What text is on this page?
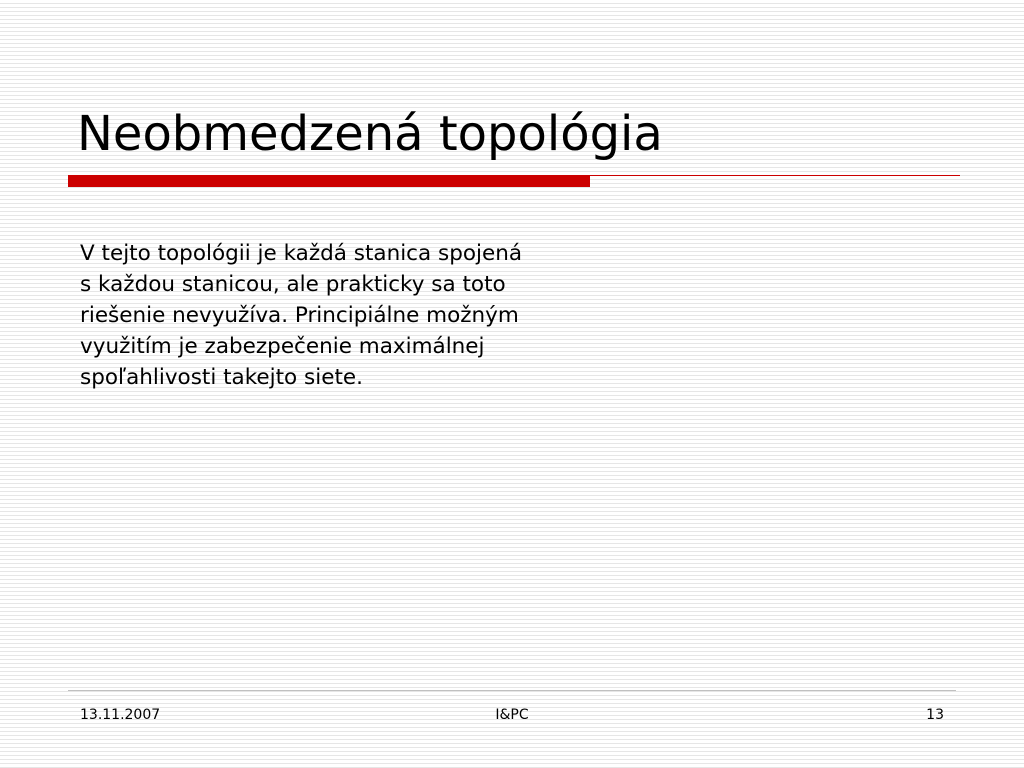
Neobmedzená topológia

V tejto topológii je každá stanica spojená
s každou stanicou, ale prakticky sa toto
riešenie nevyužíva. Principiálne možným
využitím je zabezpečenie maximálnej
spoľahlivosti takejto siete.

13.11.2007	I&PC	13
